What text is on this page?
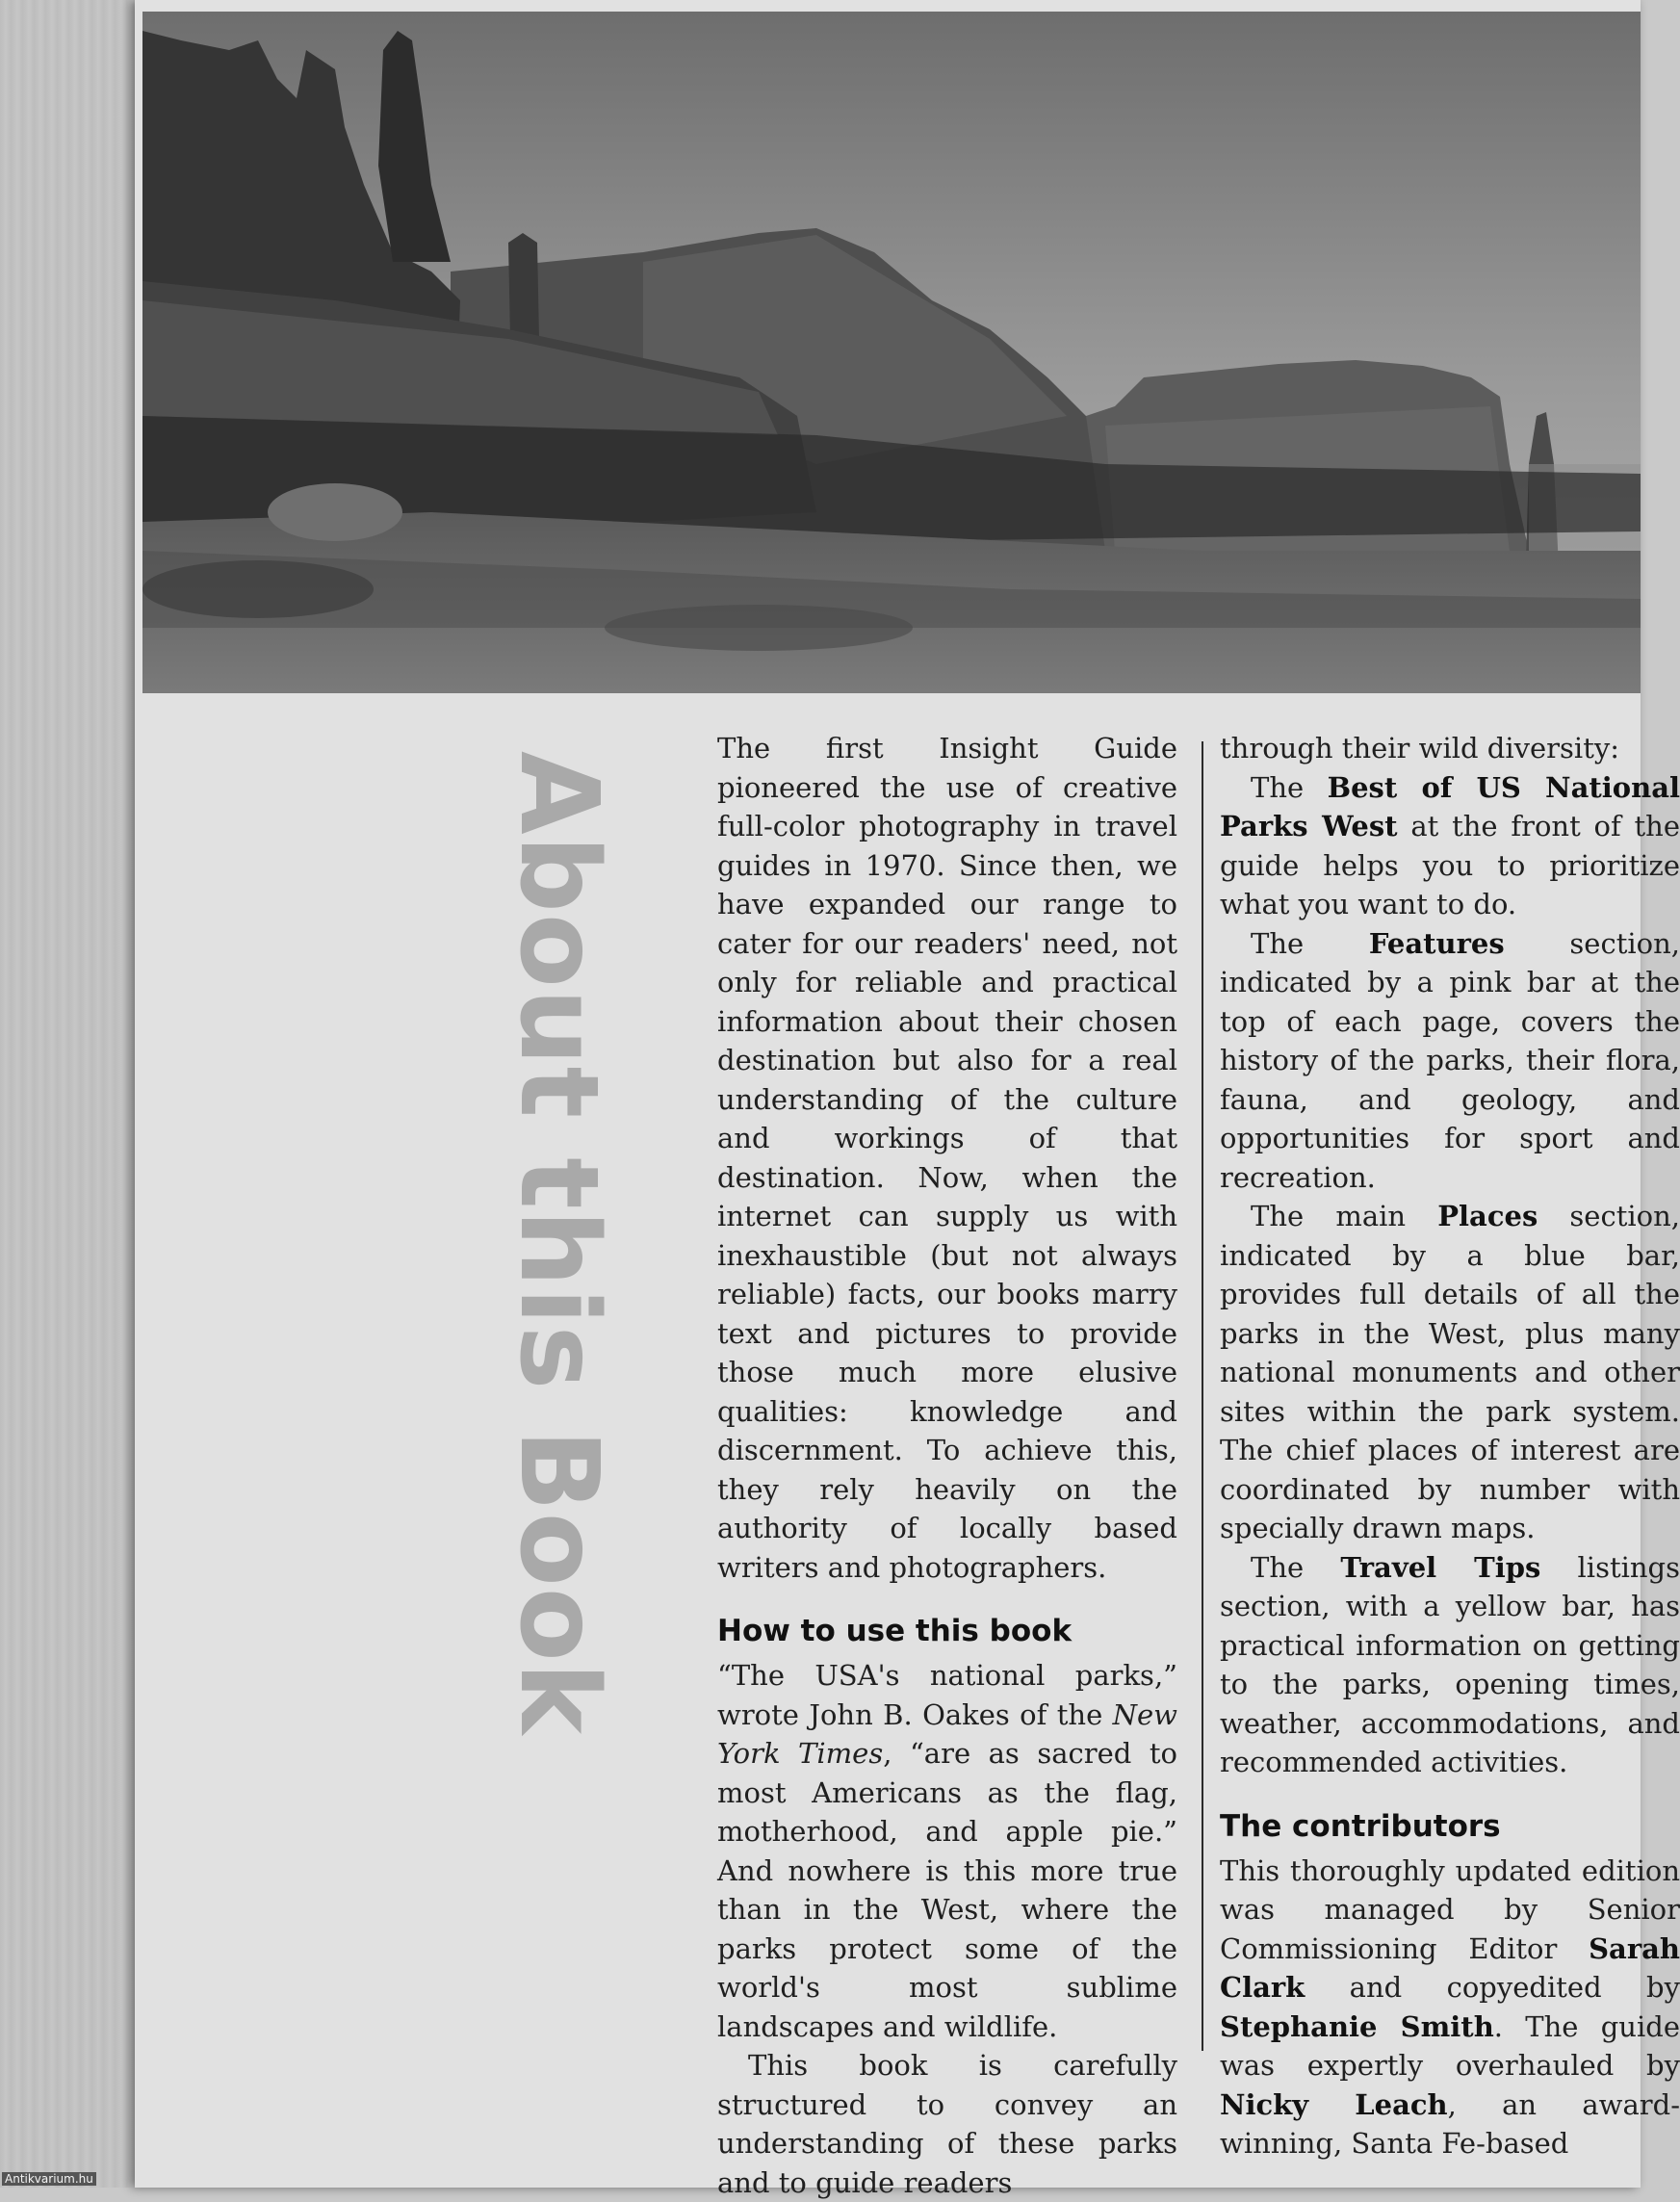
About this Book

The first Insight Guide pioneered the use of creative full-color photography in travel guides in 1970. Since then, we have expanded our range to cater for our readers' need, not only for reliable and practical information about their chosen destination but also for a real understanding of the culture and workings of that destination. Now, when the internet can supply us with inexhaustible (but not always reliable) facts, our books marry text and pictures to provide those much more elusive qualities: knowledge and discernment. To achieve this, they rely heavily on the authority of locally based writers and photographers.

How to use this book

“The USA's national parks,” wrote John B. Oakes of the New York Times, “are as sacred to most Americans as the flag, motherhood, and apple pie.” And nowhere is this more true than in the West, where the parks protect some of the world's most sublime landscapes and wildlife.

This book is carefully structured to convey an understanding of these parks and to guide readers

through their wild diversity:

The Best of US National Parks West at the front of the guide helps you to prioritize what you want to do.

The Features section, indicated by a pink bar at the top of each page, covers the history of the parks, their flora, fauna, and geology, and opportunities for sport and recreation.

The main Places section, indicated by a blue bar, provides full details of all the parks in the West, plus many national monuments and other sites within the park system. The chief places of interest are coordinated by number with specially drawn maps.

The Travel Tips listings section, with a yellow bar, has practical information on getting to the parks, opening times, weather, accommodations, and recommended activities.

The contributors

This thoroughly updated edition was managed by Senior Commissioning Editor Sarah Clark and copyedited by Stephanie Smith. The guide was expertly overhauled by Nicky Leach, an award-winning, Santa Fe-based

Antikvarium.hu
